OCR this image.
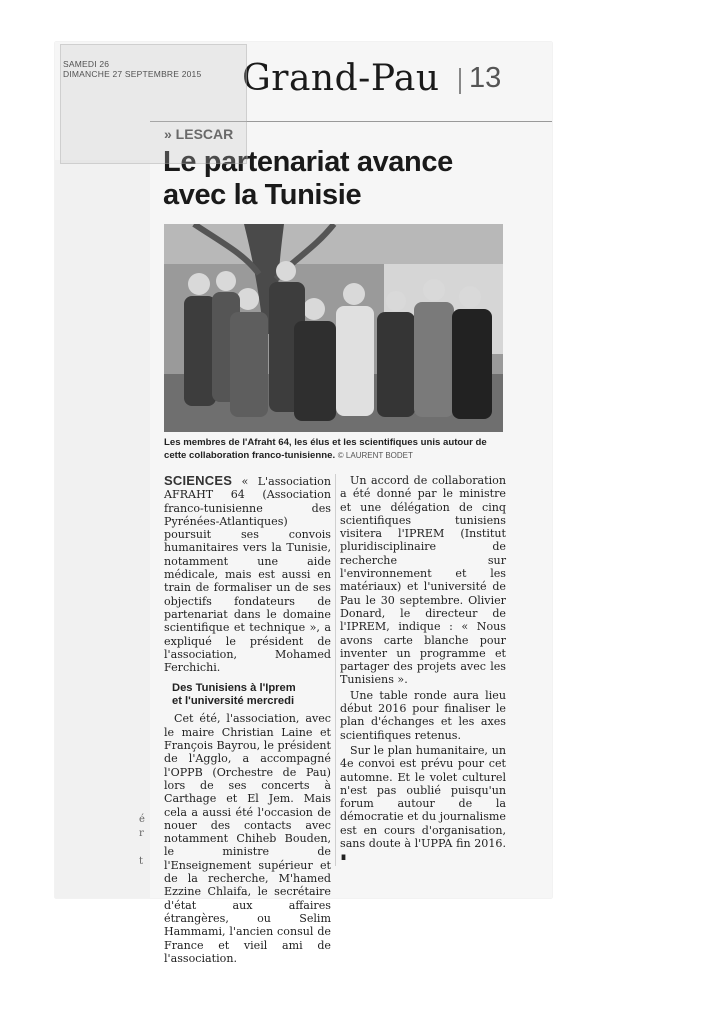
é
r
t
SAMEDI 26
DIMANCHE 27 SEPTEMBRE 2015 Grand-Pau 13
» LESCAR
Le partenariat avance
avec la Tunisie
Les membres de l'Afraht 64, les élus et les scientifiques unis autour de cette collaboration franco-tunisienne. © LAURENT BODET

SCIENCES « L'association AFRAHT 64 (Association franco-tunisienne des Pyrénées-Atlantiques) poursuit ses convois humanitaires vers la Tunisie, notamment une aide médicale, mais est aussi en train de formaliser un de ses objectifs fondateurs de partenariat dans le domaine scientifique et technique », a expliqué le président de l'association, Mohamed Ferchichi.

Des Tunisiens à l'Iprem
et l'université mercredi

Cet été, l'association, avec le maire Christian Laine et François Bayrou, le président de l'Agglo, a accompagné l'OPPB (Orchestre de Pau) lors de ses concerts à Carthage et El Jem. Mais cela a aussi été l'occasion de nouer des contacts avec notamment Chiheb Bouden, le ministre de l'Enseignement supérieur et de la recherche, M'hamed Ezzine Chlaifa, le secrétaire d'état aux affaires étrangères, ou Selim Hammami, l'ancien consul de France et vieil ami de l'association.

Un accord de collaboration a été donné par le ministre et une délégation de cinq scientifiques tunisiens visitera l'IPREM (Institut pluridisciplinaire de recherche sur l'environnement et les matériaux) et l'université de Pau le 30 septembre. Olivier Donard, le directeur de l'IPREM, indique : « Nous avons carte blanche pour inventer un programme et partager des projets avec les Tunisiens ».

Une table ronde aura lieu début 2016 pour finaliser le plan d'échanges et les axes scientifiques retenus.

Sur le plan humanitaire, un 4e convoi est prévu pour cet automne. Et le volet culturel n'est pas oublié puisqu'un forum autour de la démocratie et du journalisme est en cours d'organisation, sans doute à l'UPPA fin 2016. ∎
